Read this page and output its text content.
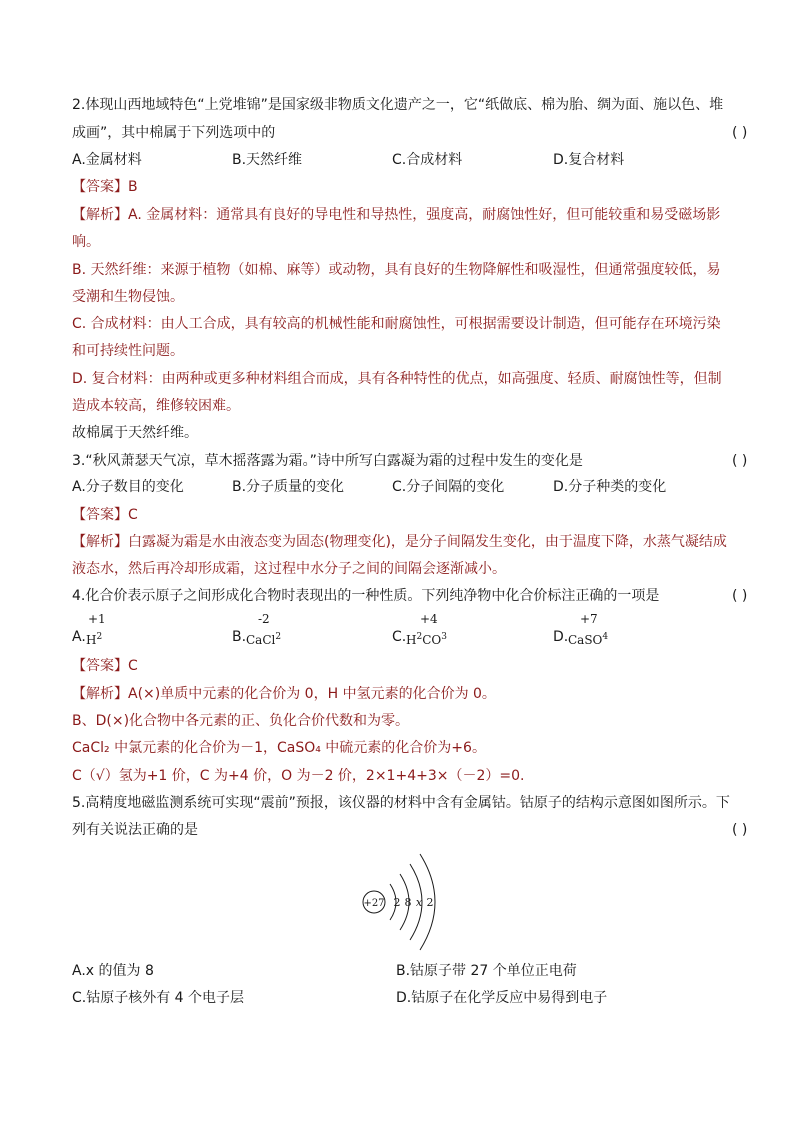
2.体现山西地域特色“上党堆锦”是国家级非物质文化遗产之一，它“纸做底、棉为胎、绸为面、施以色、堆
成画”，其中棉属于下列选项中的	( )
A.金属材料	B.天然纤维	C.合成材料	D.复合材料
【答案】B
【解析】A. 金属材料：通常具有良好的导电性和导热性，强度高，耐腐蚀性好，但可能较重和易受磁场影
响。
B. 天然纤维：来源于植物（如棉、麻等）或动物，具有良好的生物降解性和吸湿性，但通常强度较低，易
受潮和生物侵蚀。
C. 合成材料：由人工合成，具有较高的机械性能和耐腐蚀性，可根据需要设计制造，但可能存在环境污染
和可持续性问题。
D. 复合材料：由两种或更多种材料组合而成，具有各种特性的优点，如高强度、轻质、耐腐蚀性等，但制
造成本较高，维修较困难。
故棉属于天然纤维。
3.“秋风萧瑟天气凉，草木摇落露为霜。”诗中所写白露凝为霜的过程中发生的变化是	( )
A.分子数目的变化	B.分子质量的变化	C.分子间隔的变化	D.分子种类的变化
【答案】C
【解析】白露凝为霜是水由液态变为固态(物理变化)，是分子间隔发生变化，由于温度下降，水蒸气凝结成
液态水，然后再冷却形成霜，这过程中水分子之间的间隔会逐渐减小。
4.化合价表示原子之间形成化合物时表现出的一种性质。下列纯净物中化合价标注正确的一项是	( )
A.
+1
$H^2$	B.
-2
CaCl$^2$	C.
+4
$H^2CO^3$	D.
+7
CaSO$^4$
【答案】C
【解析】A(×)单质中元素的化合价为 0，H 中氢元素的化合价为 0。
B、D(×)化合物中各元素的正、负化合价代数和为零。
CaCl₂ 中氯元素的化合价为－1，CaSO₄ 中硫元素的化合价为+6。
C（√）氢为+1 价，C 为+4 价，O 为－2 价，2×1+4+3×（－2）=0.
5.高精度地磁监测系统可实现“震前”预报，该仪器的材料中含有金属钴。钴原子的结构示意图如图所示。下
列有关说法正确的是	( )
+27 2 8 x 2
A.x 的值为 8	B.钴原子带 27 个单位正电荷
C.钴原子核外有 4 个电子层	D.钴原子在化学反应中易得到电子
